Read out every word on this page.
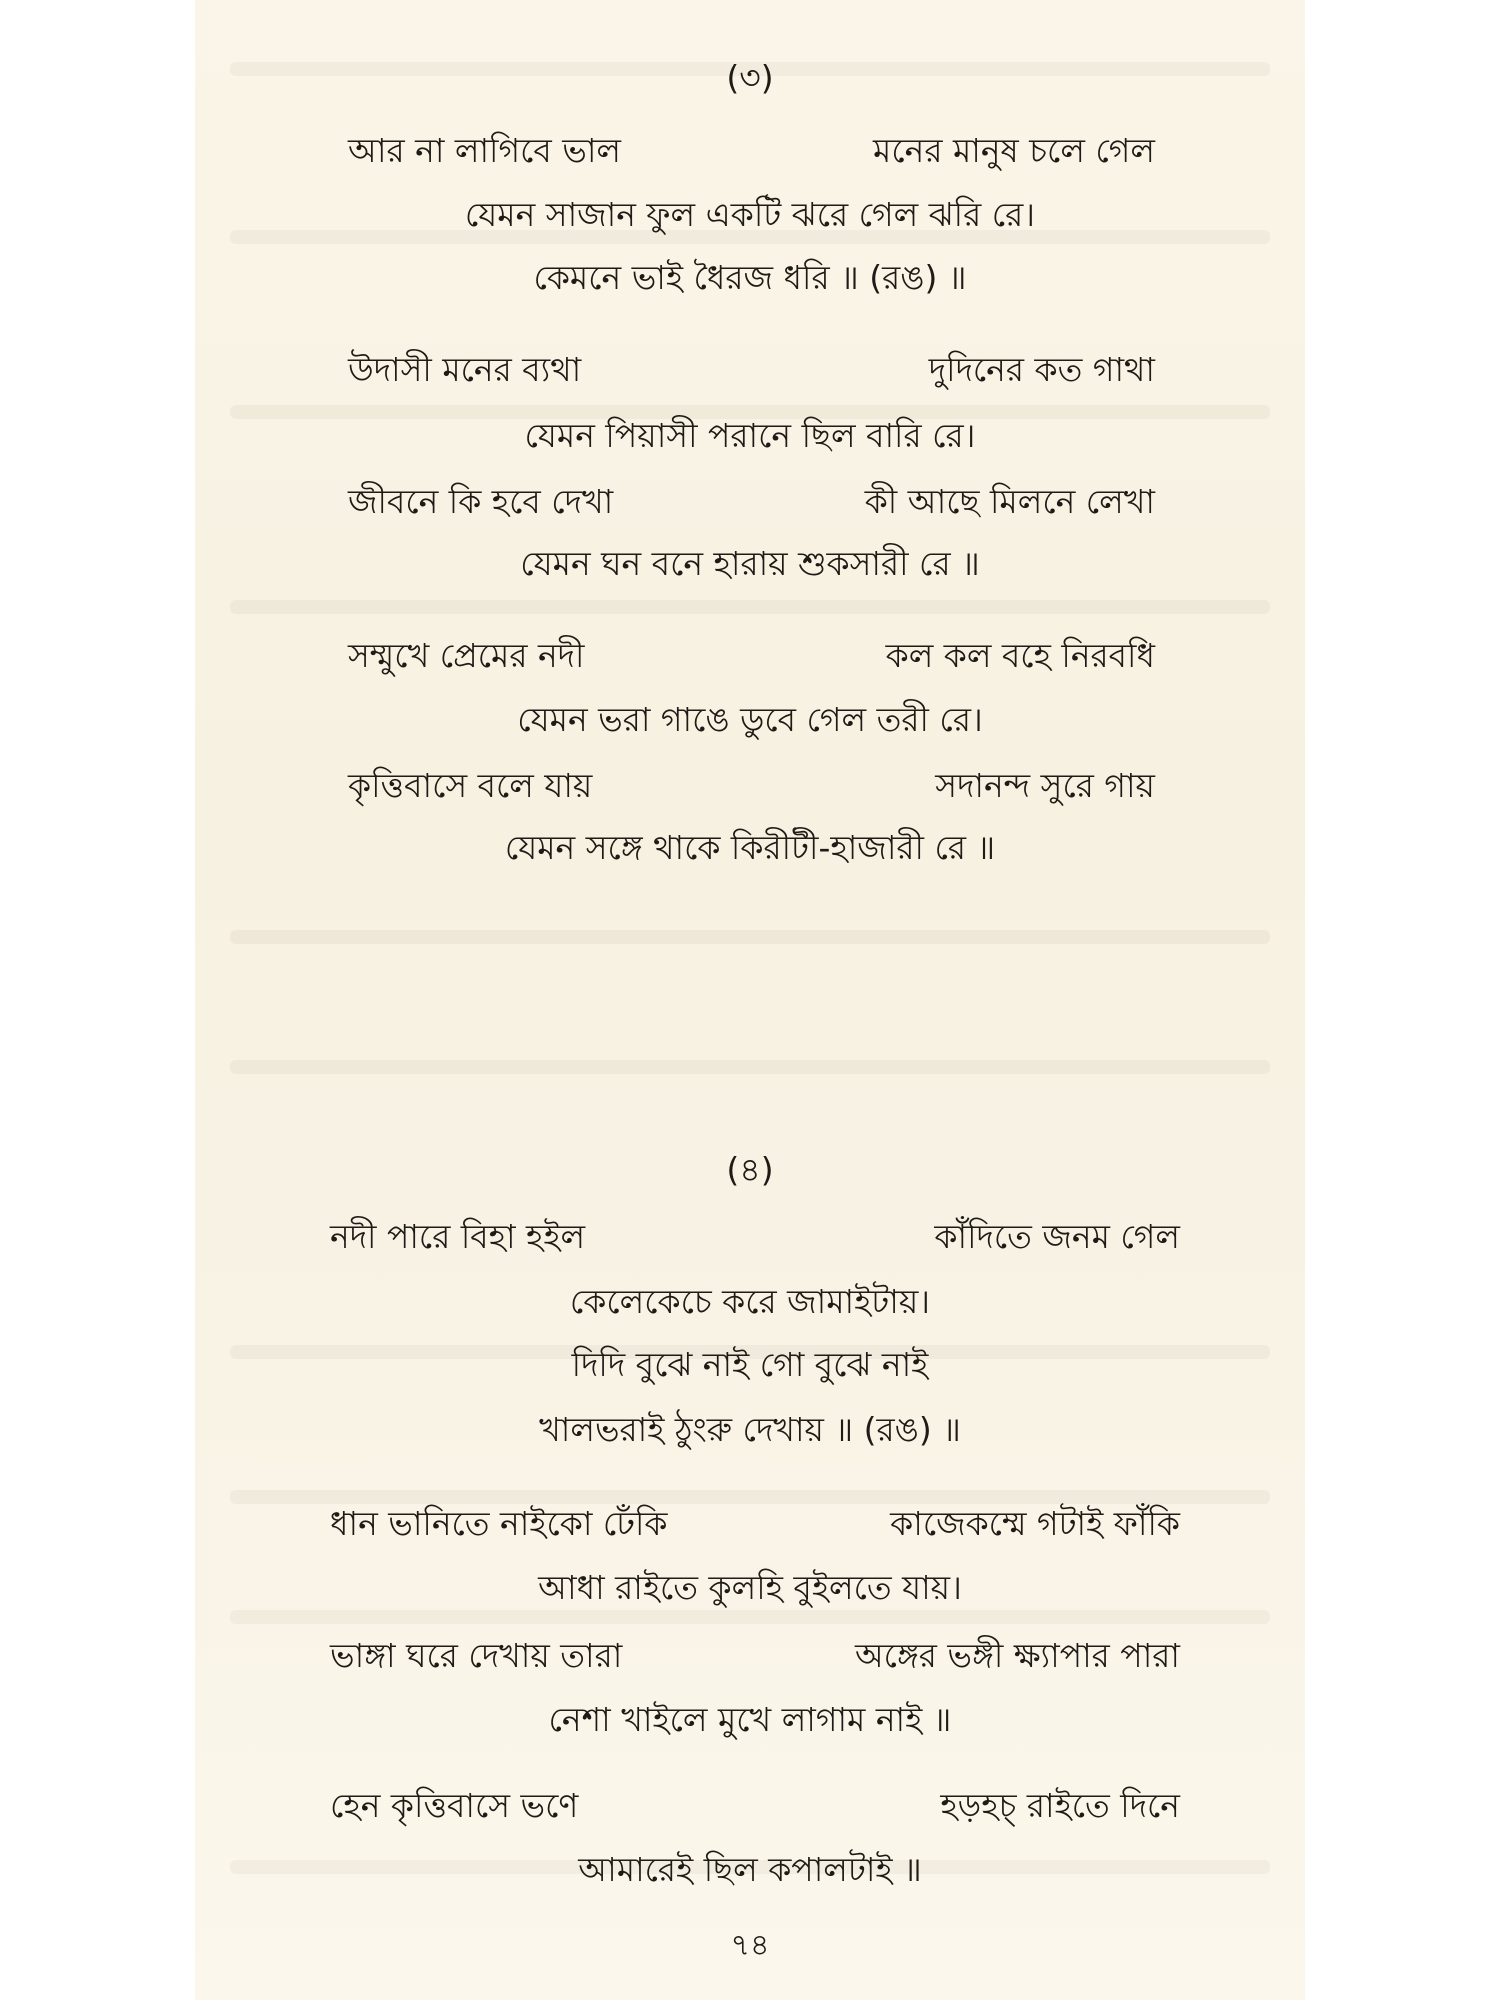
(৩)
আর না লাগিবে ভাল	মনের মানুষ চলে গেল
যেমন সাজান ফুল একটি ঝরে গেল ঝরি রে।
কেমনে ভাই ধৈরজ ধরি ॥ (রঙ) ॥
উদাসী মনের ব্যথা	দুদিনের কত গাথা
যেমন পিয়াসী পরানে ছিল বারি রে।
জীবনে কি হবে দেখা	কী আছে মিলনে লেখা
যেমন ঘন বনে হারায় শুকসারী রে ॥
সম্মুখে প্রেমের নদী	কল কল বহে নিরবধি
যেমন ভরা গাঙে ডুবে গেল তরী রে।
কৃত্তিবাসে বলে যায়	সদানন্দ সুরে গায়
যেমন সঙ্গে থাকে কিরীটী-হাজারী রে ॥
(৪)
নদী পারে বিহা হইল	কাঁদিতে জনম গেল
কেলেকেচে করে জামাইটায়।
দিদি বুঝে নাই গো বুঝে নাই
খালভরাই ঠুংরু দেখায় ॥ (রঙ) ॥
ধান ভানিতে নাইকো ঢেঁকি	কাজেকম্মে গটাই ফাঁকি
আধা রাইতে কুলহি বুইলতে যায়।
ভাঙ্গা ঘরে দেখায় তারা	অঙ্গের ভঙ্গী ক্ষ্যাপার পারা
নেশা খাইলে মুখে লাগাম নাই ॥
হেন কৃত্তিবাসে ভণে	হড়হচ্ রাইতে দিনে
আমারেই ছিল কপালটাই ॥
৭৪
